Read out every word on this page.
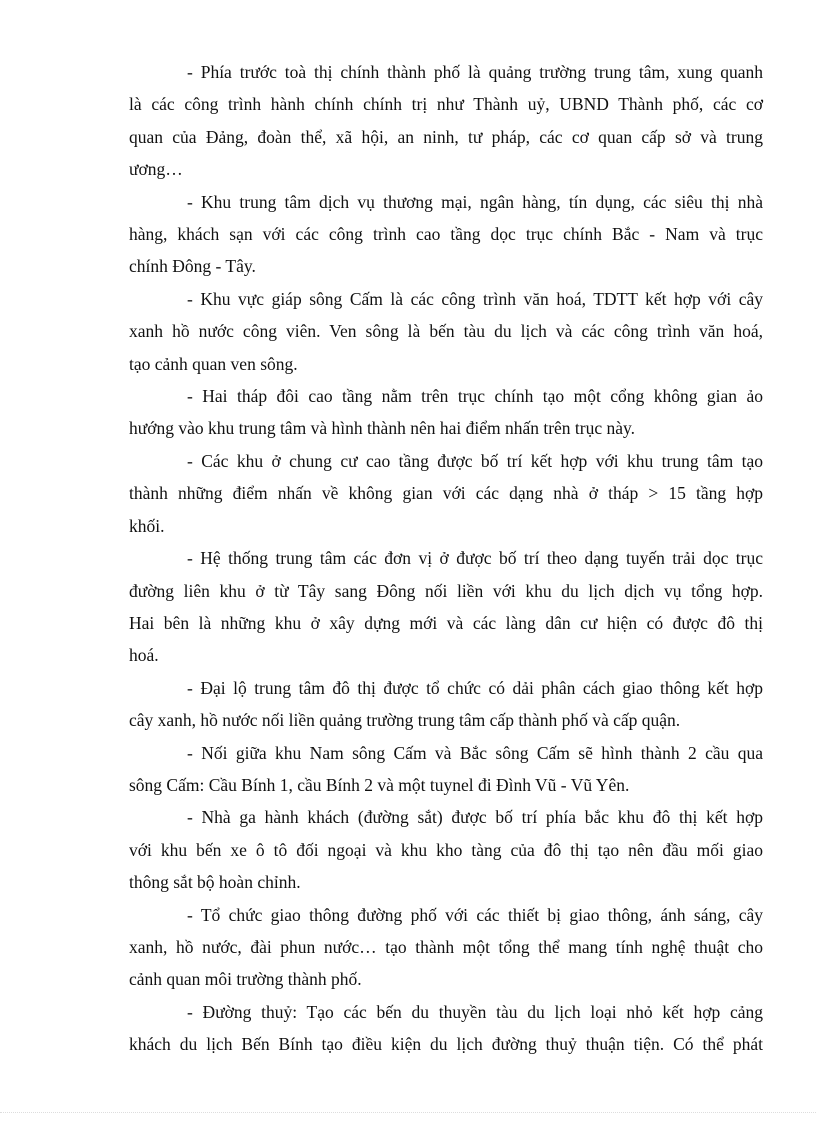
- Phía trước toà thị chính thành phố là quảng trường trung tâm, xung quanh
là các công trình hành chính chính trị như Thành uỷ, UBND Thành phố, các cơ
quan của Đảng, đoàn thể, xã hội, an ninh, tư pháp, các cơ quan cấp sở và trung
ương…
- Khu trung tâm dịch vụ thương mại, ngân hàng, tín dụng, các siêu thị nhà
hàng, khách sạn với các công trình cao tầng dọc trục chính Bắc - Nam và trục
chính Đông - Tây.
- Khu vực giáp sông Cấm là các công trình văn hoá, TDTT kết hợp với cây
xanh hồ nước công viên. Ven sông là bến tàu du lịch và các công trình văn hoá,
tạo cảnh quan ven sông.
- Hai tháp đôi cao tầng nằm trên trục chính tạo một cổng không gian ảo
hướng vào khu trung tâm và hình thành nên hai điểm nhấn trên trục này.
- Các khu ở chung cư cao tầng được bố trí kết hợp với khu trung tâm tạo
thành những điểm nhấn về không gian với các dạng nhà ở tháp > 15 tầng hợp
khối.
- Hệ thống trung tâm các đơn vị ở được bố trí theo dạng tuyến trải dọc trục
đường liên khu ở từ Tây sang Đông nối liền với khu du lịch dịch vụ tổng hợp.
Hai bên là những khu ở xây dựng mới và các làng dân cư hiện có được đô thị
hoá.
- Đại lộ trung tâm đô thị được tổ chức có dải phân cách giao thông kết hợp
cây xanh, hồ nước nối liền quảng trường trung tâm cấp thành phố và cấp quận.
- Nối giữa khu Nam sông Cấm và Bắc sông Cấm sẽ hình thành 2 cầu qua
sông Cấm: Cầu Bính 1, cầu Bính 2 và một tuynel đi Đình Vũ - Vũ Yên.
- Nhà ga hành khách (đường sắt) được bố trí phía bắc khu đô thị kết hợp
với khu bến xe ô tô đối ngoại và khu kho tàng của đô thị tạo nên đầu mối giao
thông sắt bộ hoàn chỉnh.
- Tổ chức giao thông đường phố với các thiết bị giao thông, ánh sáng, cây
xanh, hồ nước, đài phun nước… tạo thành một tổng thể mang tính nghệ thuật cho
cảnh quan môi trường thành phố.
- Đường thuỷ: Tạo các bến du thuyền tàu du lịch loại nhỏ kết hợp cảng
khách du lịch Bến Bính tạo điều kiện du lịch đường thuỷ thuận tiện. Có thể phát
